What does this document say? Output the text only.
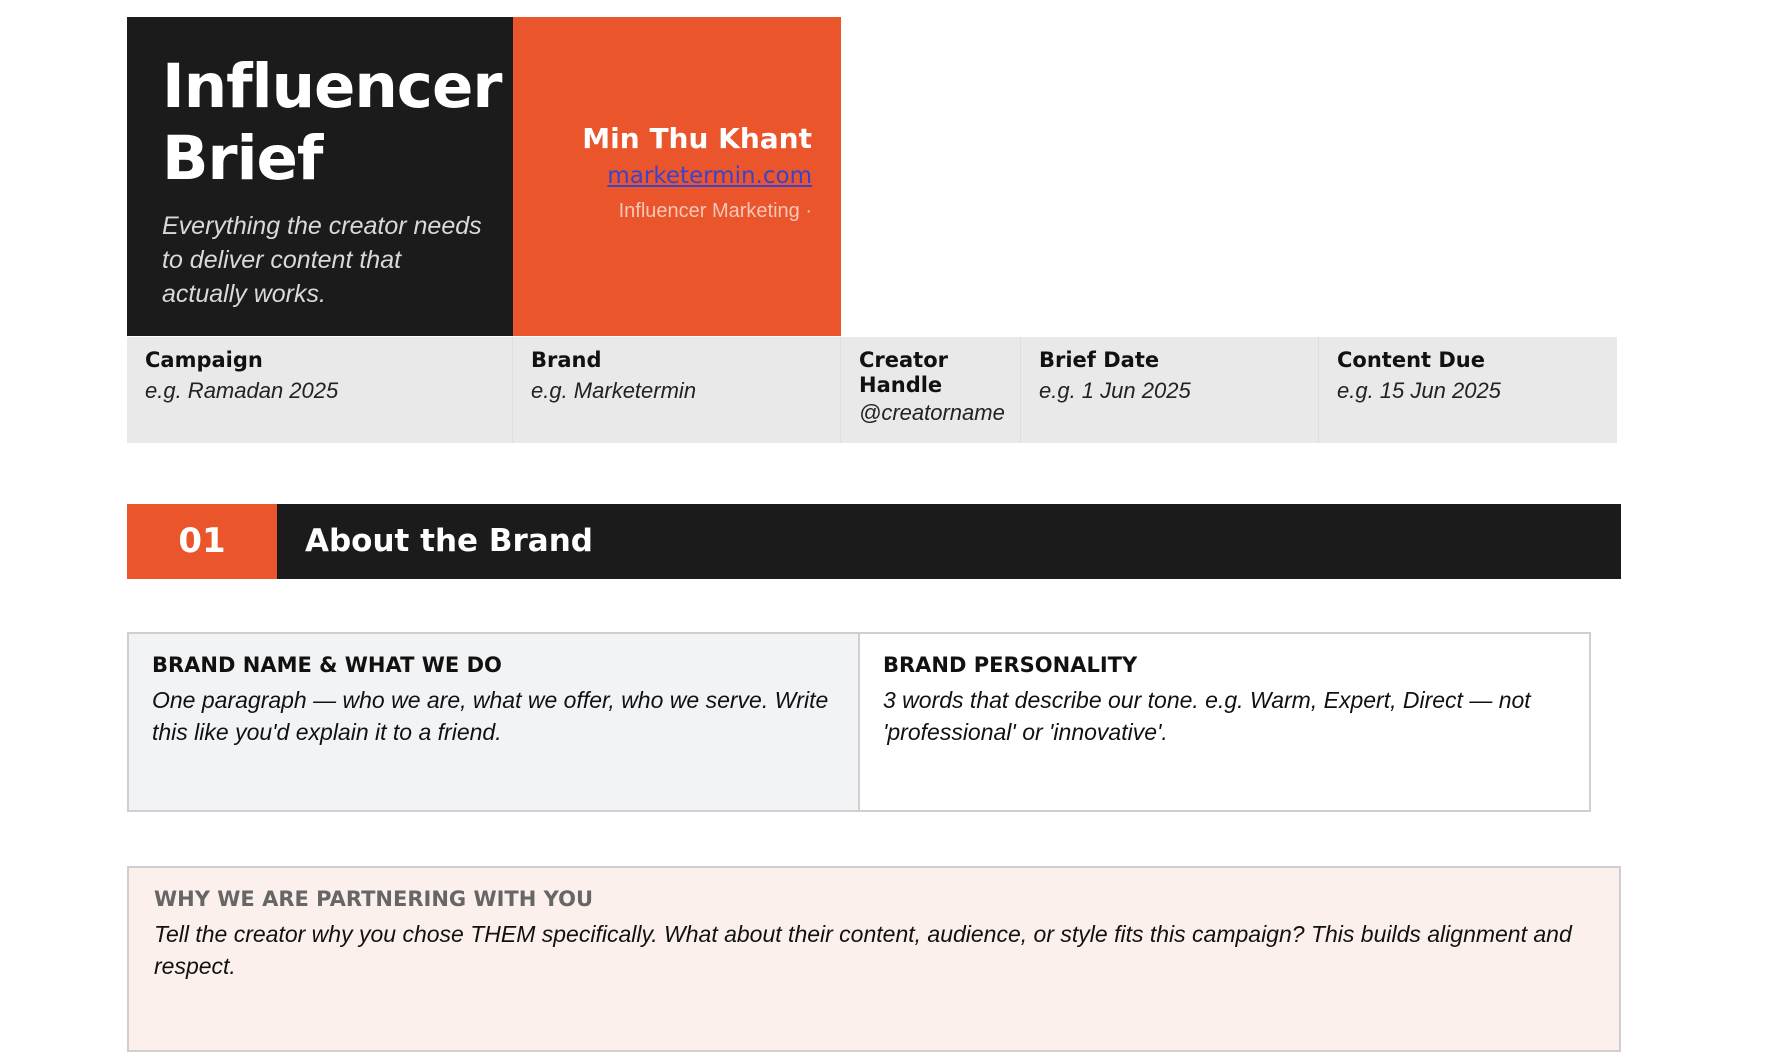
Influencer
Brief
Everything the creator needs to deliver content that actually works.
Min Thu Khant
marketermin.com
Influencer Marketing ·
Campaign
e.g. Ramadan 2025
Brand
e.g. Marketermin
Creator Handle
@creatorname
Brief Date
e.g. 1 Jun 2025
Content Due
e.g. 15 Jun 2025
01	About the Brand
BRAND NAME & WHAT WE DO
One paragraph — who we are, what we offer, who we serve. Write this like you'd explain it to a friend.
BRAND PERSONALITY
3 words that describe our tone. e.g. Warm, Expert, Direct — not 'professional' or 'innovative'.
WHY WE ARE PARTNERING WITH YOU
Tell the creator why you chose THEM specifically. What about their content, audience, or style fits this campaign? This builds alignment and respect.
